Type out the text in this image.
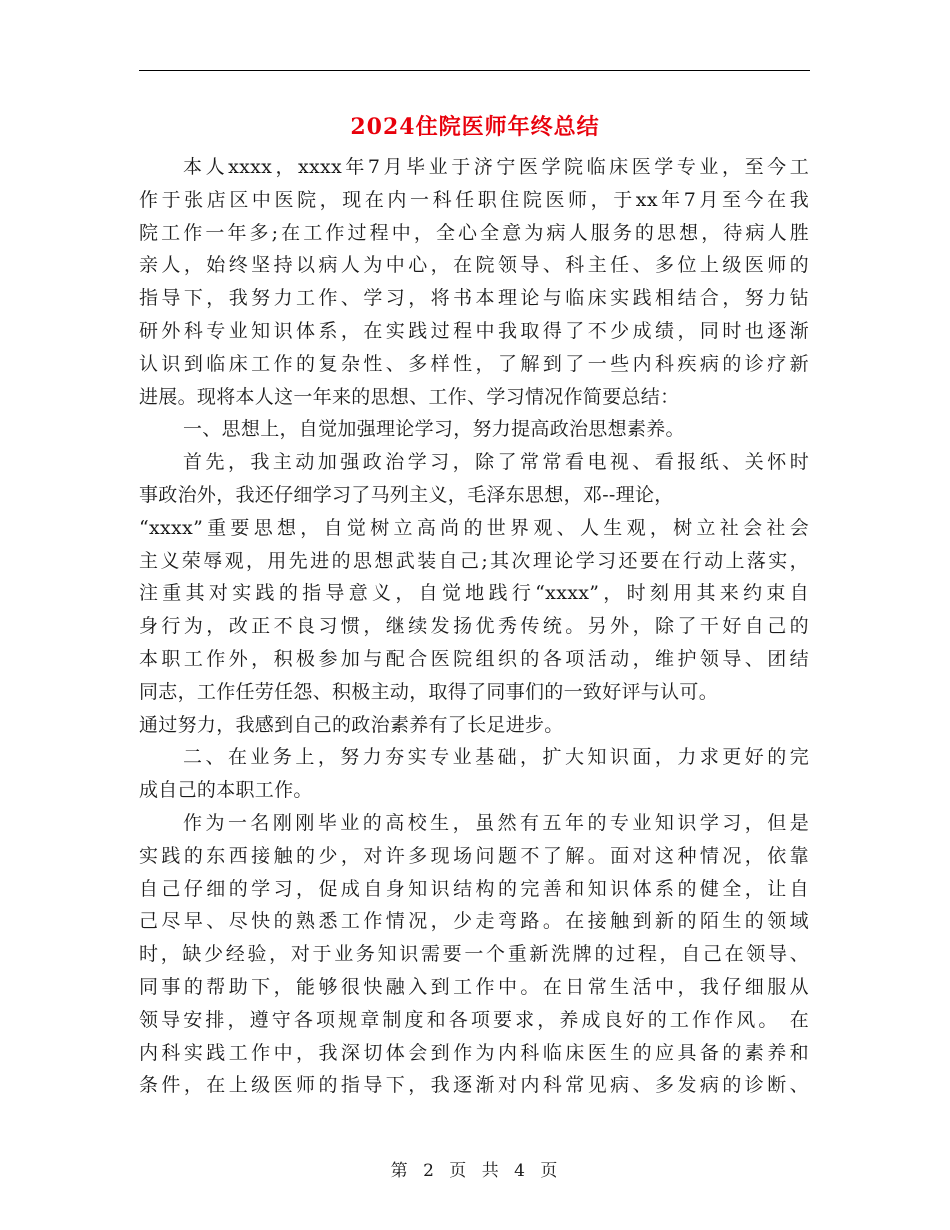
2024住院医师年终总结
本人xxxx，xxxx年7月毕业于济宁医学院临床医学专业，至今工
作于张店区中医院，现在内一科任职住院医师，于xx年7月至今在我
院工作一年多;在工作过程中，全心全意为病人服务的思想，待病人胜
亲人，始终坚持以病人为中心，在院领导、科主任、多位上级医师的
指导下，我努力工作、学习，将书本理论与临床实践相结合，努力钻
研外科专业知识体系，在实践过程中我取得了不少成绩，同时也逐渐
认识到临床工作的复杂性、多样性，了解到了一些内科疾病的诊疗新
进展。现将本人这一年来的思想、工作、学习情况作简要总结：
一、思想上，自觉加强理论学习，努力提高政治思想素养。
首先，我主动加强政治学习，除了常常看电视、看报纸、关怀时
事政治外，我还仔细学习了马列主义，毛泽东思想，邓--理论，
“xxxx”重要思想，自觉树立高尚的世界观、人生观，树立社会社会
主义荣辱观，用先进的思想武装自己;其次理论学习还要在行动上落实，
注重其对实践的指导意义，自觉地践行“xxxx”，时刻用其来约束自
身行为，改正不良习惯，继续发扬优秀传统。另外，除了干好自己的
本职工作外，积极参加与配合医院组织的各项活动，维护领导、团结
同志，工作任劳任怨、积极主动，取得了同事们的一致好评与认可。
通过努力，我感到自己的政治素养有了长足进步。
二、在业务上，努力夯实专业基础，扩大知识面，力求更好的完
成自己的本职工作。
作为一名刚刚毕业的高校生，虽然有五年的专业知识学习，但是
实践的东西接触的少，对许多现场问题不了解。面对这种情况，依靠
自己仔细的学习，促成自身知识结构的完善和知识体系的健全，让自
己尽早、尽快的熟悉工作情况，少走弯路。在接触到新的陌生的领域
时，缺少经验，对于业务知识需要一个重新洗牌的过程，自己在领导、
同事的帮助下，能够很快融入到工作中。在日常生活中，我仔细服从
领导安排，遵守各项规章制度和各项要求，养成良好的工作作风。 在
内科实践工作中，我深切体会到作为内科临床医生的应具备的素养和
条件，在上级医师的指导下，我逐渐对内科常见病、多发病的诊断、
第 2 页 共 4 页
